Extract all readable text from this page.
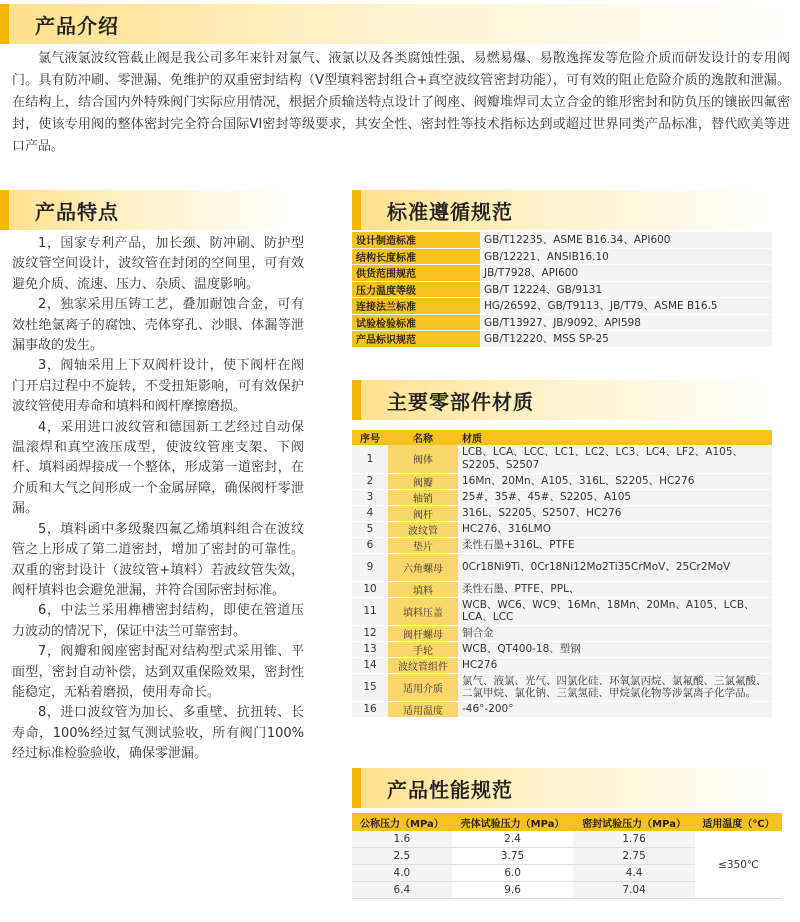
产品介绍
氯气液氯波纹管截止阀是我公司多年来针对氯气、液氯以及各类腐蚀性强、易燃易爆、易散逸挥发等危险介质而研发设计的专用阀门。具有防冲刷、零泄漏、免维护的双重密封结构（V型填料密封组合+真空波纹管密封功能），可有效的阻止危险介质的逸散和泄漏。在结构上，结合国内外特殊阀门实际应用情况，根据介质输送特点设计了阀座、阀瓣堆焊司太立合金的锥形密封和防负压的镶嵌四氟密封，使该专用阀的整体密封完全符合国际VI密封等级要求，其安全性、密封性等技术指标达到或超过世界同类产品标准，替代欧美等进口产品。
产品特点

1，国家专利产品，加长颈、防冲刷、防护型波纹管空间设计，波纹管在封闭的空间里，可有效避免介质、流速、压力、杂质、温度影响。

2，独家采用压铸工艺，叠加耐蚀合金，可有效杜绝氯离子的腐蚀、壳体穿孔、沙眼、体漏等泄漏事故的发生。

3，阀轴采用上下双阀杆设计，使下阀杆在阀门开启过程中不旋转，不受扭矩影响，可有效保护波纹管使用寿命和填料和阀杆摩擦磨损。

4，采用进口波纹管和德国新工艺经过自动保温滚焊和真空液压成型，使波纹管座支架、下阀杆、填料函焊接成一个整体，形成第一道密封，在介质和大气之间形成一个金属屏障，确保阀杆零泄漏。

5，填料函中多级聚四氟乙烯填料组合在波纹管之上形成了第二道密封，增加了密封的可靠性。双重的密封设计（波纹管+填料）若波纹管失效，阀杆填料也会避免泄漏，并符合国际密封标准。

6，中法兰采用榫槽密封结构，即使在管道压力波动的情况下，保证中法兰可靠密封。

7，阀瓣和阀座密封配对结构型式采用锥、平面型，密封自动补偿，达到双重保险效果，密封性能稳定，无粘着磨损，使用寿命长。

8，进口波纹管为加长、多重壁、抗扭转、长寿命，100%经过氦气测试验收，所有阀门100%经过标准检验验收，确保零泄漏。

标准遵循规范
设计制造标准	GB/T12235、ASME B16.34、API600
结构长度标准	GB/12221、ANSIB16.10
供货范围规范	JB/T7928、API600
压力温度等级	GB/T 12224、GB/9131
连接法兰标准	HG/26592、GB/T9113、JB/T79、ASME B16.5
试验检验标准	GB/T13927、JB/9092、API598
产品标识规范	GB/T12220、MSS SP-25
主要零部件材质
序号	名称	材质
1	阀体	LCB、LCA、LCC、LC1、LC2、LC3、LC4、LF2、A105、S2205、S2507
2	阀瓣	16Mn、20Mn、A105、316L、S2205、HC276
3	轴销	25#、35#、45#、S2205、A105
4	阀杆	316L、S2205、S2507、HC276
5	波纹管	HC276、316LMO
6	垫片	柔性石墨+316L、PTFE
9	六角螺母	0Cr18Ni9Ti、0Cr18Ni12Mo2Ti35CrMoV、25Cr2MoV
10	填料	柔性石墨、PTFE、PPL、
11	填料压盖	WCB、WC6、WC9、16Mn、18Mn、20Mn、A105、LCB、LCA、LCC
12	阀杆螺母	铜合金
13	手轮	WCB、QT400-18、塑钢
14	波纹管组件	HC276
15	适用介质	氯气、液氯、光气、四氯化硅、环氧氯丙烷、氯氟酸、三氯氟酸、二氯甲烷、氯化钠、三氯氢硅、甲烷氯化物等涉氯离子化学品。
16	适用温度	-46°-200°
产品性能规范
公称压力（MPa）	壳体试验压力（MPa）	密封试验压力（MPa）	适用温度（℃）
1.6	2.4	1.76	≤350℃
2.5	3.75	2.75	
4.0	6.0	4.4	
6.4	9.6	7.04	
